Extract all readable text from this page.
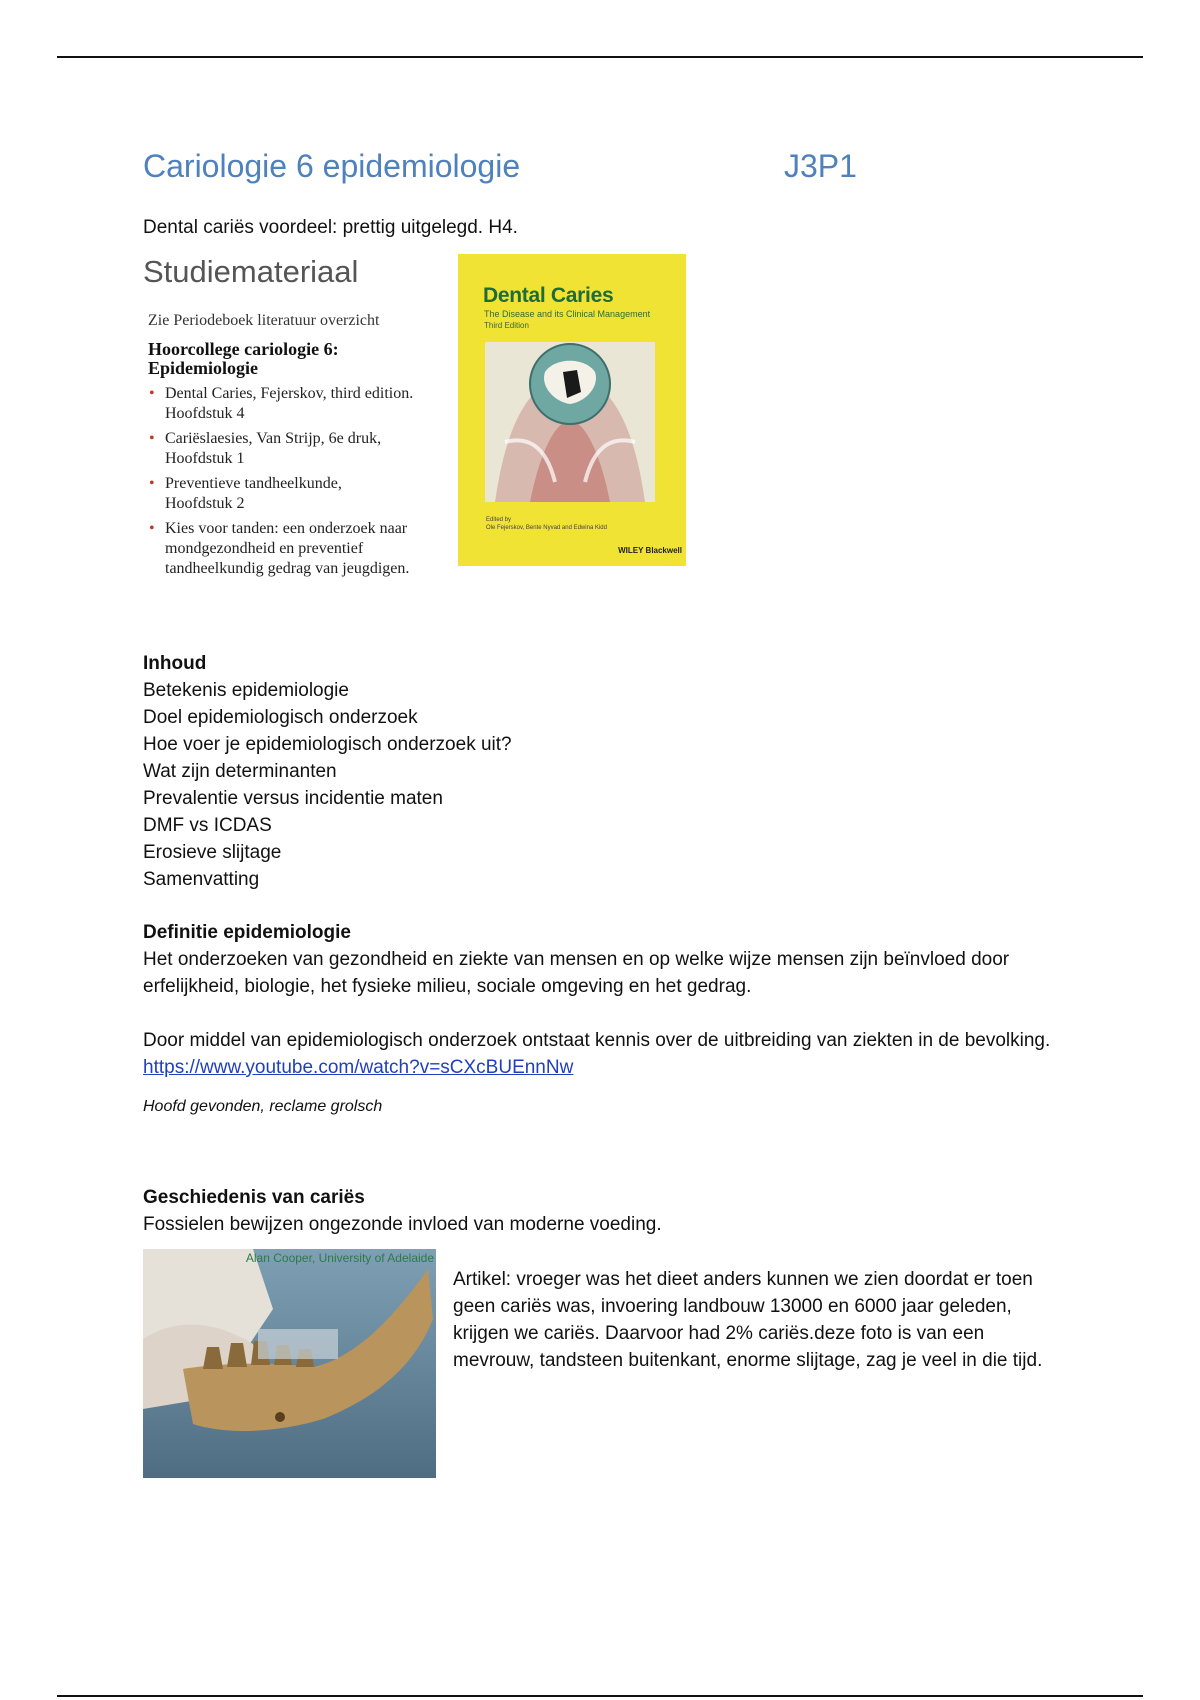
Cariologie 6 epidemiologie	J3P1
Dental cariës voordeel: prettig uitgelegd. H4.
Studiemateriaal
Zie Periodeboek literatuur overzicht
Hoorcollege cariologie 6:
Epidemiologie
• Dental Caries, Fejerskov, third edition.
Hoofdstuk 4
• Cariëslaesies, Van Strijp, 6e druk,
Hoofdstuk 1
• Preventieve tandheelkunde,
Hoofdstuk 2
• Kies voor tanden: een onderzoek naar
mondgezondheid en preventief
tandheelkundig gedrag van jeugdigen.
Dental Caries
The Disease and its Clinical Management
Third Edition
Edited by
Ole Fejerskov, Bente Nyvad and Edwina Kidd
WILEY Blackwell
Inhoud
Betekenis epidemiologie
Doel epidemiologisch onderzoek
Hoe voer je epidemiologisch onderzoek uit?
Wat zijn determinanten
Prevalentie versus incidentie maten
DMF vs ICDAS
Erosieve slijtage
Samenvatting
Definitie epidemiologie

Het onderzoeken van gezondheid en ziekte van mensen en op welke wijze mensen zijn beïnvloed door erfelijkheid, biologie, het fysieke milieu, sociale omgeving en het gedrag.

Door middel van epidemiologisch onderzoek ontstaat kennis over de uitbreiding van ziekten in de bevolking.

https://www.youtube.com/watch?v=sCXcBUEnnNw
Hoofd gevonden, reclame grolsch
Geschiedenis van cariës
Fossielen bewijzen ongezonde invloed van moderne voeding.
Alan Cooper, University of Adelaide
Artikel: vroeger was het dieet anders kunnen we zien doordat er toen geen cariës was, invoering landbouw 13000 en 6000 jaar geleden, krijgen we cariës. Daarvoor had 2% cariës.deze foto is van een mevrouw, tandsteen buitenkant, enorme slijtage, zag je veel in die tijd.
